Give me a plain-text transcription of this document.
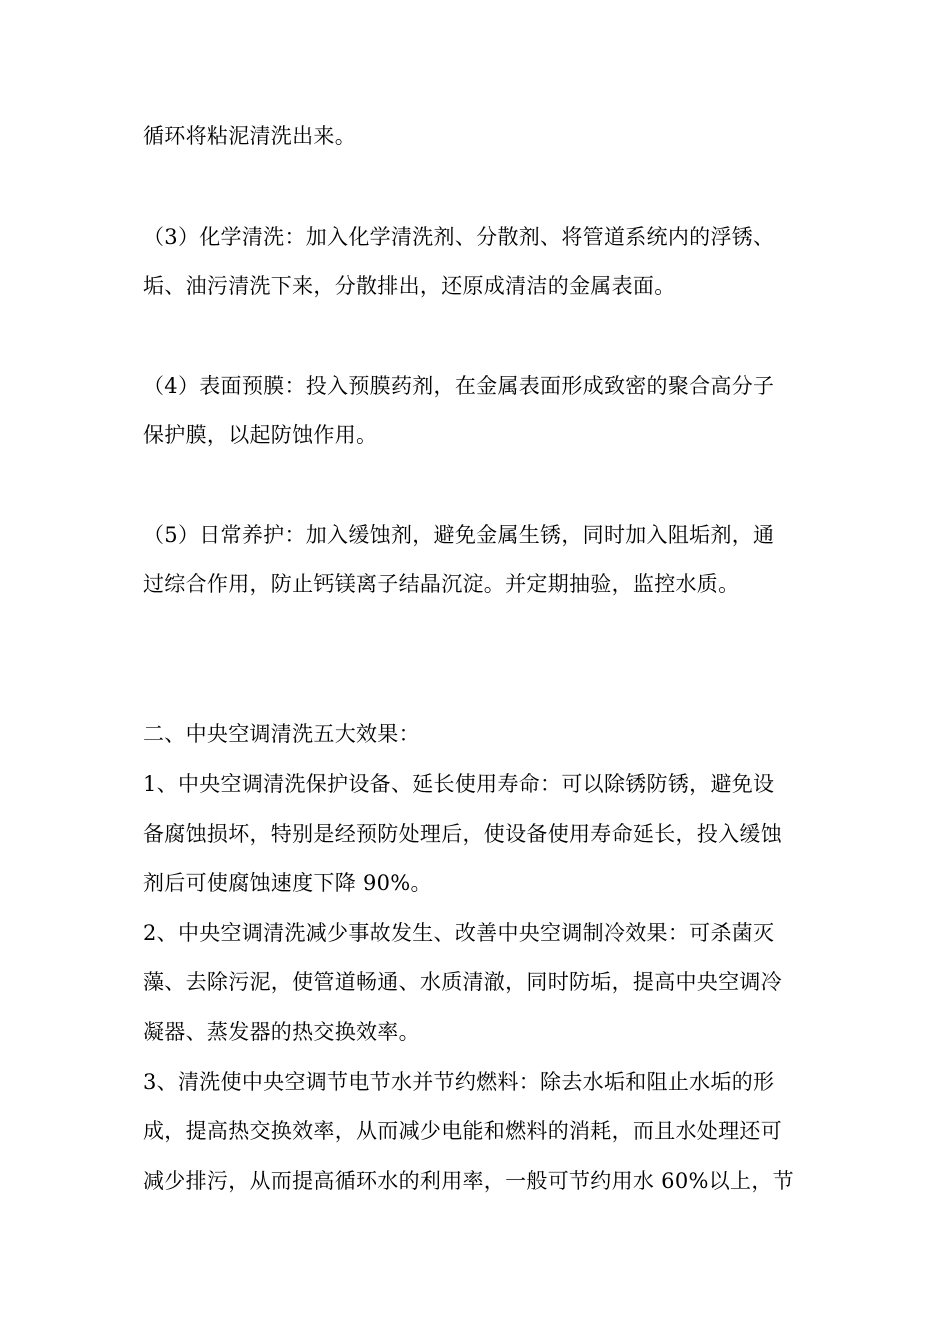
循环将粘泥清洗出来。
（3）化学清洗：加入化学清洗剂、分散剂、将管道系统内的浮锈、
垢、油污清洗下来，分散排出，还原成清洁的金属表面。
（4）表面预膜：投入预膜药剂，在金属表面形成致密的聚合高分子
保护膜，以起防蚀作用。
（5）日常养护：加入缓蚀剂，避免金属生锈，同时加入阻垢剂，通
过综合作用，防止钙镁离子结晶沉淀。并定期抽验，监控水质。
二、中央空调清洗五大效果：
1、中央空调清洗保护设备、延长使用寿命：可以除锈防锈，避免设
备腐蚀损坏，特别是经预防处理后，使设备使用寿命延长，投入缓蚀
剂后可使腐蚀速度下降 90%。
2、中央空调清洗减少事故发生、改善中央空调制冷效果：可杀菌灭
藻、去除污泥，使管道畅通、水质清澈，同时防垢，提高中央空调冷
凝器、蒸发器的热交换效率。
3、清洗使中央空调节电节水并节约燃料：除去水垢和阻止水垢的形
成，提高热交换效率，从而减少电能和燃料的消耗，而且水处理还可
减少排污，从而提高循环水的利用率，一般可节约用水 60%以上，节
